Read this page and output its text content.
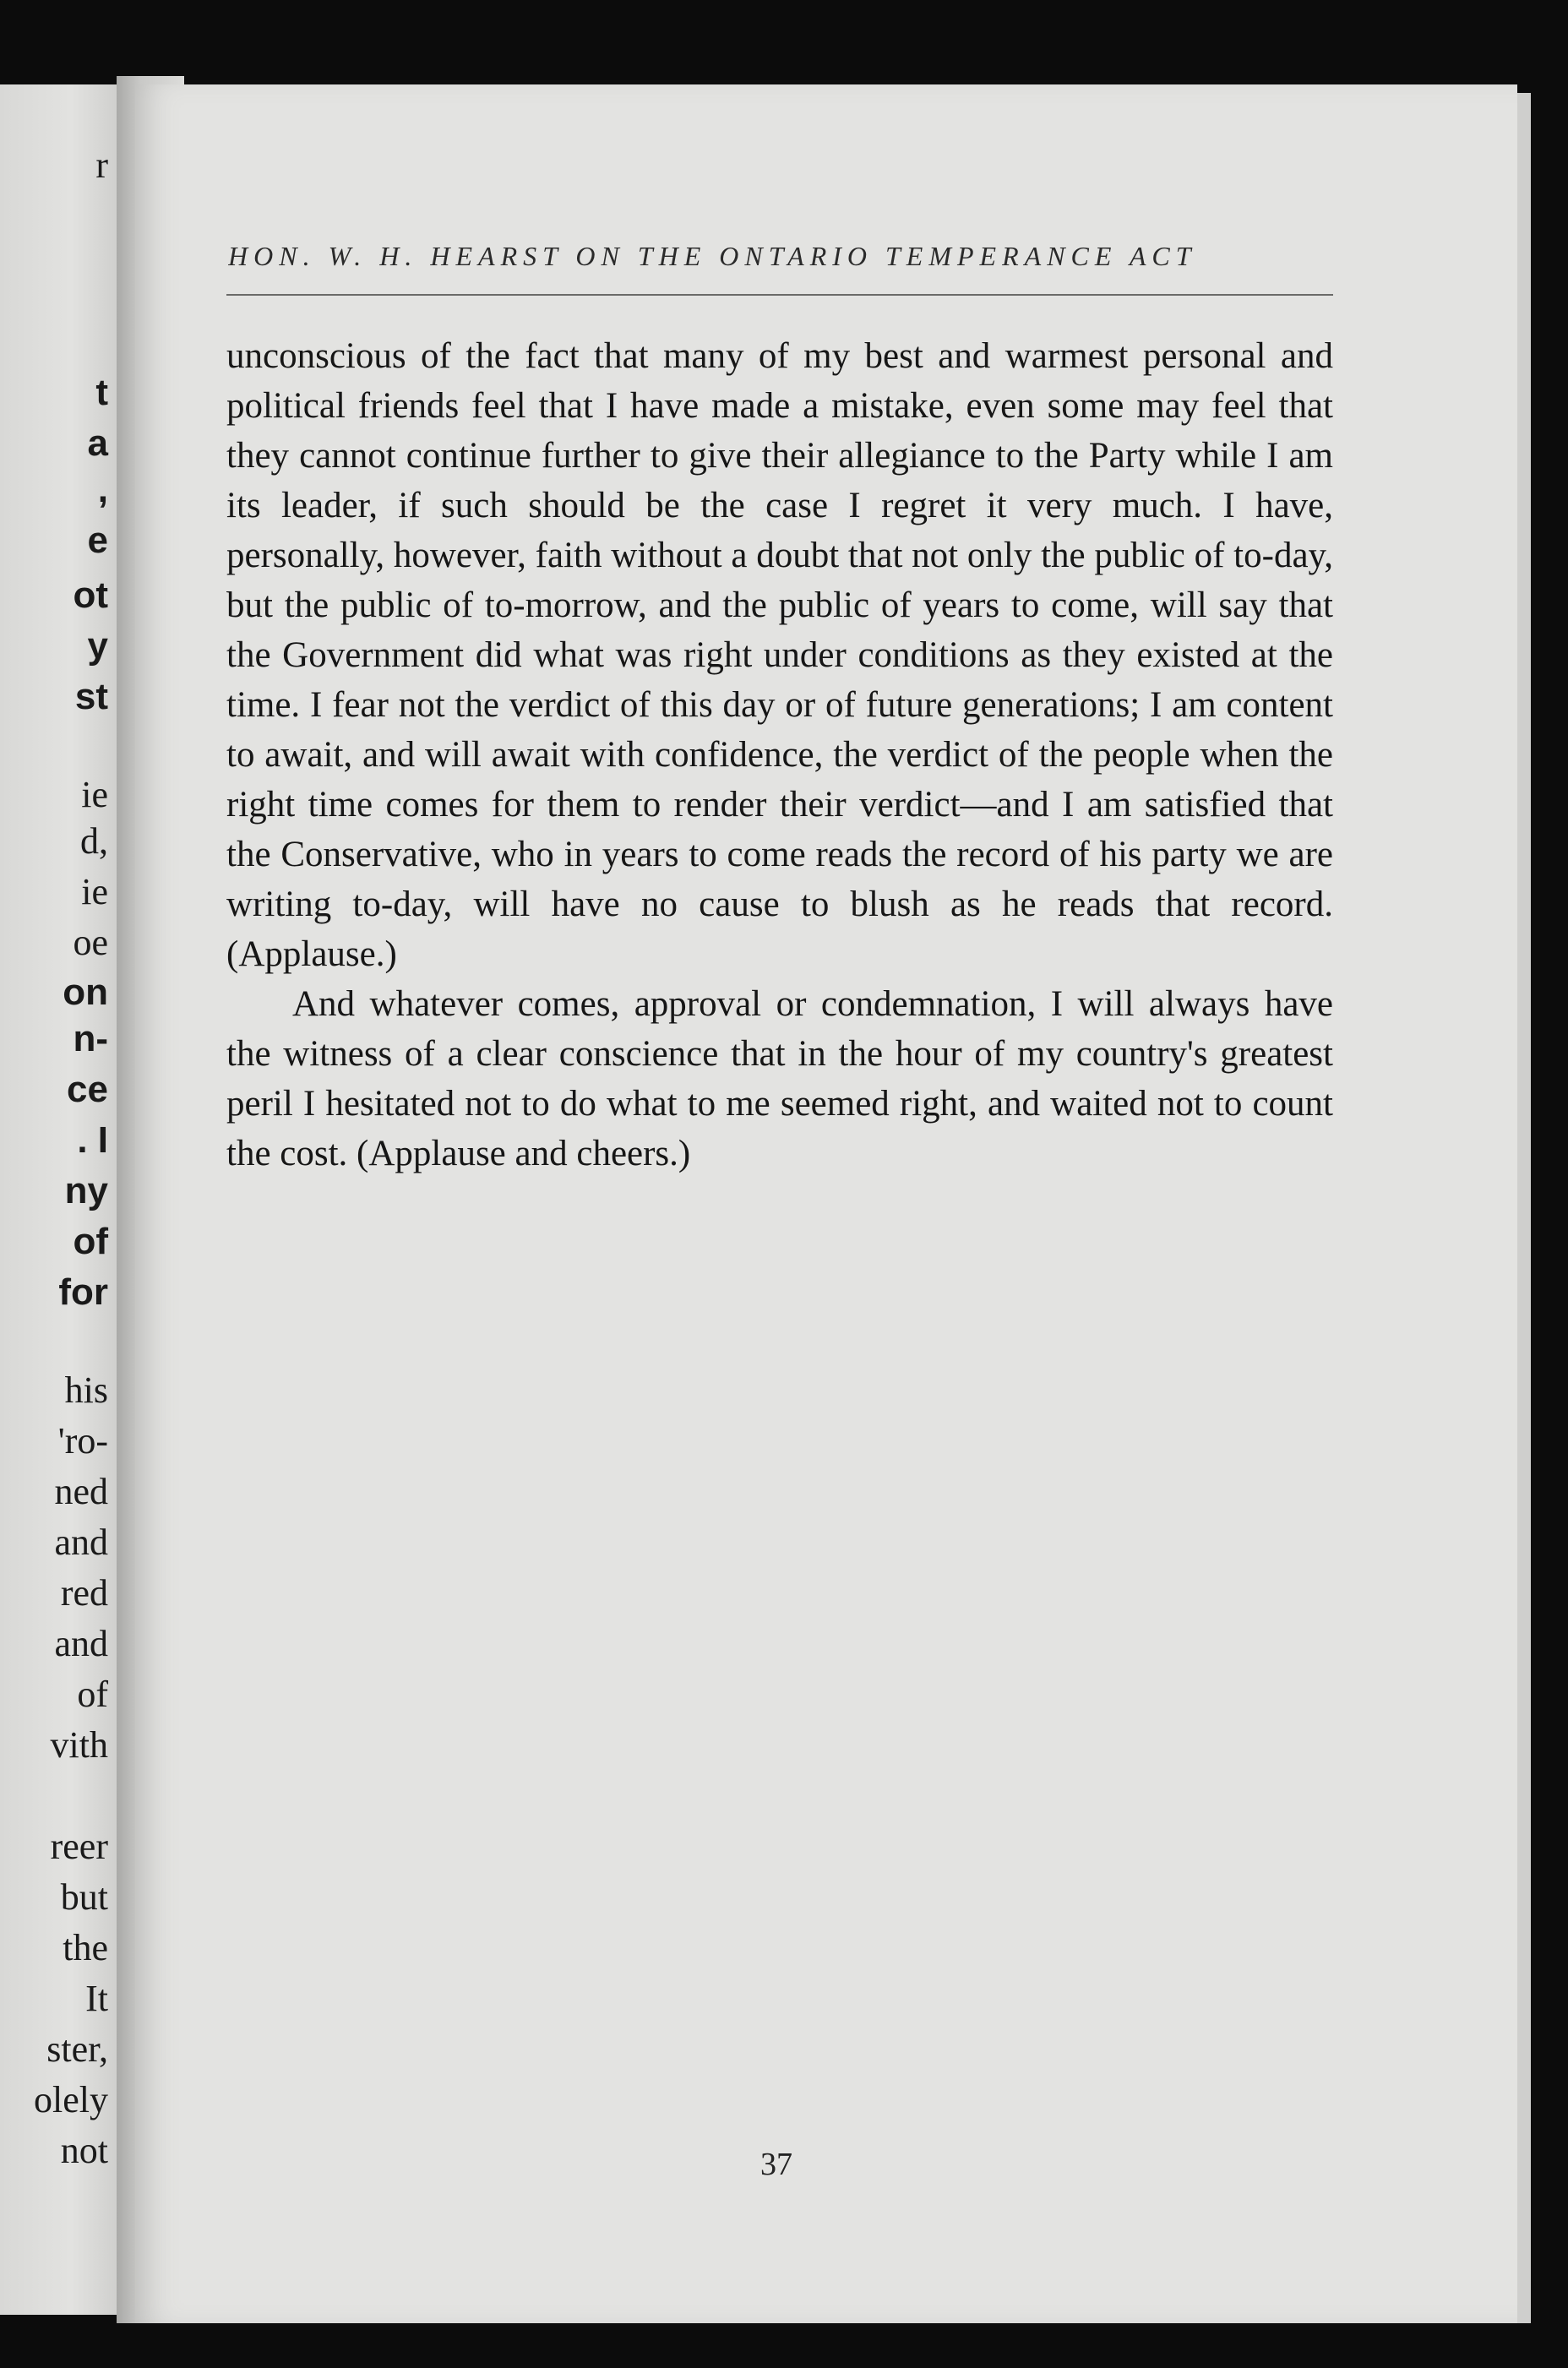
r
t
a
,
e
ot
y
st
ie
d,
ie
oe
on
n-
ce
. I
ny
of
for
his
'ro-
ned
and
red
and
of
vith
reer
but
the
It
ster,
olely
not
HON. W. H. HEARST ON THE ONTARIO TEMPERANCE ACT

unconscious of the fact that many of my best and warmest personal and political friends feel that I have made a mistake, even some may feel that they cannot continue further to give their allegiance to the Party while I am its leader, if such should be the case I regret it very much. I have, personally, however, faith without a doubt that not only the public of to-day, but the public of to-morrow, and the public of years to come, will say that the Government did what was right under conditions as they existed at the time. I fear not the verdict of this day or of future generations; I am content to await, and will await with confidence, the verdict of the people when the right time comes for them to render their verdict—and I am satisfied that the Conservative, who in years to come reads the record of his party we are writing to-day, will have no cause to blush as he reads that record. (Applause.)

And whatever comes, approval or condemnation, I will always have the witness of a clear conscience that in the hour of my country's greatest peril I hesitated not to do what to me seemed right, and waited not to count the cost. (Applause and cheers.)

37
